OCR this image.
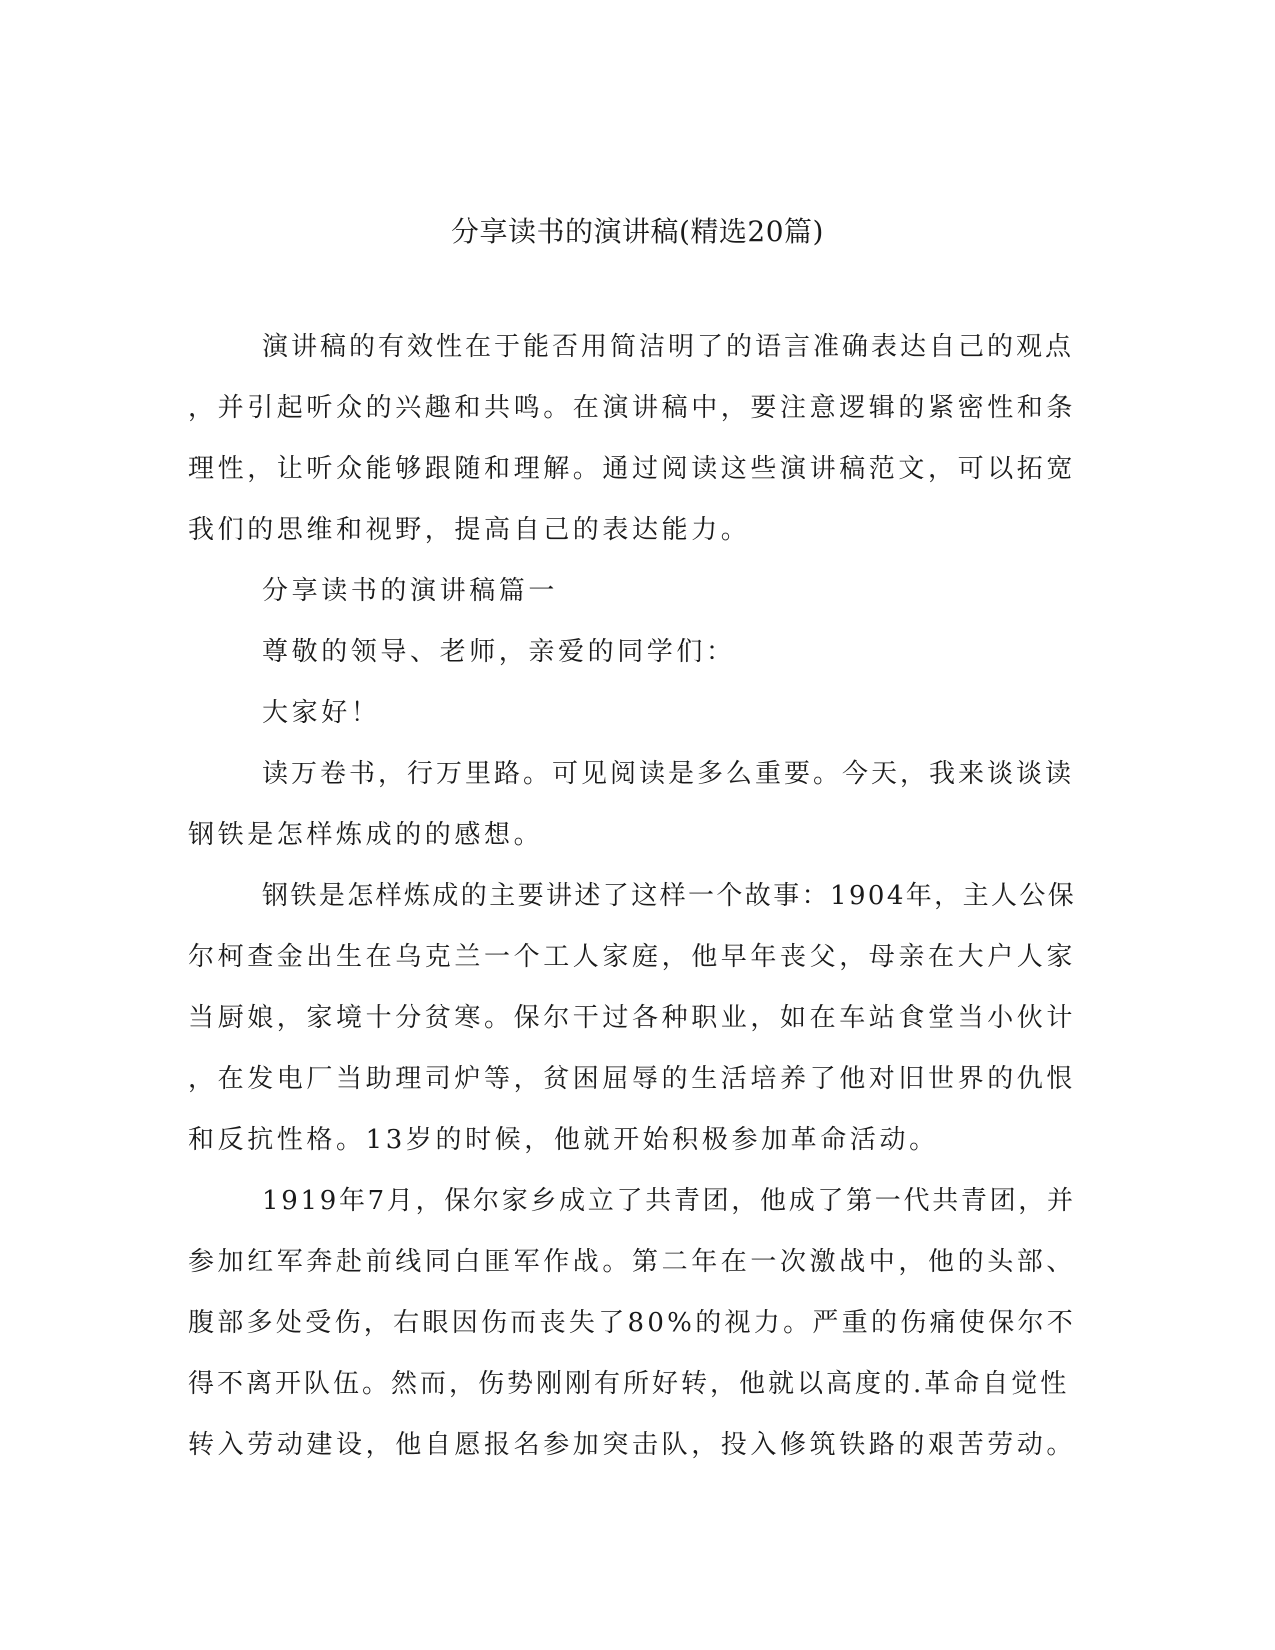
分享读书的演讲稿(精选20篇)
演讲稿的有效性在于能否用简洁明了的语言准确表达自己的观点
，并引起听众的兴趣和共鸣。在演讲稿中，要注意逻辑的紧密性和条
理性，让听众能够跟随和理解。通过阅读这些演讲稿范文，可以拓宽
我们的思维和视野，提高自己的表达能力。
分享读书的演讲稿篇一
尊敬的领导、老师，亲爱的同学们：
大家好！
读万卷书，行万里路。可见阅读是多么重要。今天，我来谈谈读
钢铁是怎样炼成的的感想。
钢铁是怎样炼成的主要讲述了这样一个故事：1904年，主人公保
尔柯查金出生在乌克兰一个工人家庭，他早年丧父，母亲在大户人家
当厨娘，家境十分贫寒。保尔干过各种职业，如在车站食堂当小伙计
，在发电厂当助理司炉等，贫困屈辱的生活培养了他对旧世界的仇恨
和反抗性格。13岁的时候，他就开始积极参加革命活动。
1919年7月，保尔家乡成立了共青团，他成了第一代共青团，并
参加红军奔赴前线同白匪军作战。第二年在一次激战中，他的头部、
腹部多处受伤，右眼因伤而丧失了80%的视力。严重的伤痛使保尔不
得不离开队伍。然而，伤势刚刚有所好转，他就以高度的.革命自觉性
转入劳动建设，他自愿报名参加突击队，投入修筑铁路的艰苦劳动。
